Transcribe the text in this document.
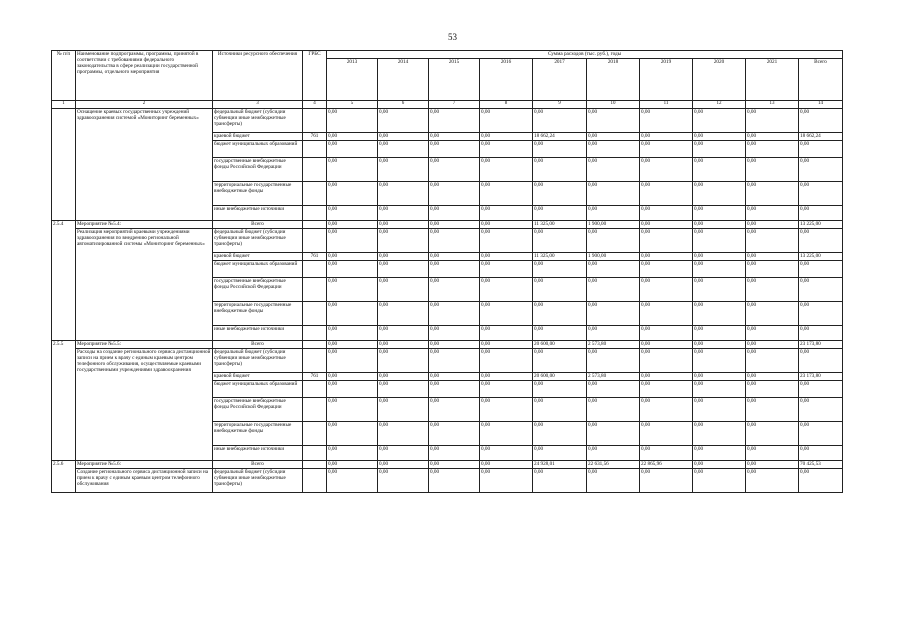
53
№ п/п	Наименование подпрограммы, программы, принятой в соответствии с требованиями федерального законодательства в сфере реализации государственной программы, отдельного мероприятия	Источники ресурсного обеспечения	ГРБС	Сумма расходов (тыс. руб.), годы									
				2013	2014	2015	2016	2017	2018	2019	2020	2021	Всего
1	2	3	4	5	6	7	8	9	10	11	12	13	14
	Оснащение краевых государственных учреждений здравоохранения системой «Мониторинг беременных»	федеральный бюджет (субсидии субвенции иные межбюджетные трансферты)		0,00	0,00	0,00	0,00	0,00	0,00	0,00	0,00	0,00	0,00
		краевой бюджет	761	0,00	0,00	0,00	0,00	18 662,24	0,00	0,00	0,00	0,00	18 662,24
		бюджет муниципальных образований		0,00	0,00	0,00	0,00	0,00	0,00	0,00	0,00	0,00	0,00
		государственные внебюджетные фонды Российской Федерации		0,00	0,00	0,00	0,00	0,00	0,00	0,00	0,00	0,00	0,00
		территориальные государственные внебюджетные фонды		0,00	0,00	0,00	0,00	0,00	0,00	0,00	0,00	0,00	0,00
		иные внебюджетные источники		0,00	0,00	0,00	0,00	0,00	0,00	0,00	0,00	0,00	0,00
2.5.4	Мероприятие №5.4:	Всего		0,00	0,00	0,00	0,00	11 325,00	1 900,00	0,00	0,00	0,00	13 225,00
	Реализация мероприятий краевыми учреждениями здравоохранения по внедрению региональной автоматизированной системы «Мониторинг беременных»	федеральный бюджет (субсидии субвенции иные межбюджетные трансферты)		0,00	0,00	0,00	0,00	0,00	0,00	0,00	0,00	0,00	0,00
		краевой бюджет	761	0,00	0,00	0,00	0,00	11 325,00	1 900,00	0,00	0,00	0,00	13 225,00
		бюджет муниципальных образований		0,00	0,00	0,00	0,00	0,00	0,00	0,00	0,00	0,00	0,00
		государственные внебюджетные фонды Российской Федерации		0,00	0,00	0,00	0,00	0,00	0,00	0,00	0,00	0,00	0,00
		территориальные государственные внебюджетные фонды		0,00	0,00	0,00	0,00	0,00	0,00	0,00	0,00	0,00	0,00
		иные внебюджетные источники		0,00	0,00	0,00	0,00	0,00	0,00	0,00	0,00	0,00	0,00
2.5.5	Мероприятие №5.5:	Всего		0,00	0,00	0,00	0,00	20 600,00	2 573,80	0,00	0,00	0,00	23 173,80
	Расходы на создание регионального сервиса дистанционной записи на прием к врачу с единым краевым центром телефонного обслуживания, осуществляемые краевыми государственными учреждениями здравоохранения	федеральный бюджет (субсидии субвенции иные межбюджетные трансферты)		0,00	0,00	0,00	0,00	0,00	0,00	0,00	0,00	0,00	0,00
		краевой бюджет	761	0,00	0,00	0,00	0,00	20 600,00	2 573,80	0,00	0,00	0,00	23 173,80
		бюджет муниципальных образований		0,00	0,00	0,00	0,00	0,00	0,00	0,00	0,00	0,00	0,00
		государственные внебюджетные фонды Российской Федерации		0,00	0,00	0,00	0,00	0,00	0,00	0,00	0,00	0,00	0,00
		территориальные государственные внебюджетные фонды		0,00	0,00	0,00	0,00	0,00	0,00	0,00	0,00	0,00	0,00
		иные внебюджетные источники		0,00	0,00	0,00	0,00	0,00	0,00	0,00	0,00	0,00	0,00
2.5.6	Мероприятие №5.6:	Всего		0,00	0,00	0,00	0,00	24 928,01	22 631,56	22 865,96	0,00	0,00	70 425,53
	Создание регионального сервиса дистанционной записи на прием к врачу с единым краевым центром телефонного обслуживания	федеральный бюджет (субсидии субвенции иные межбюджетные трансферты)		0,00	0,00	0,00	0,00	0,00	0,00	0,00	0,00	0,00	0,00
